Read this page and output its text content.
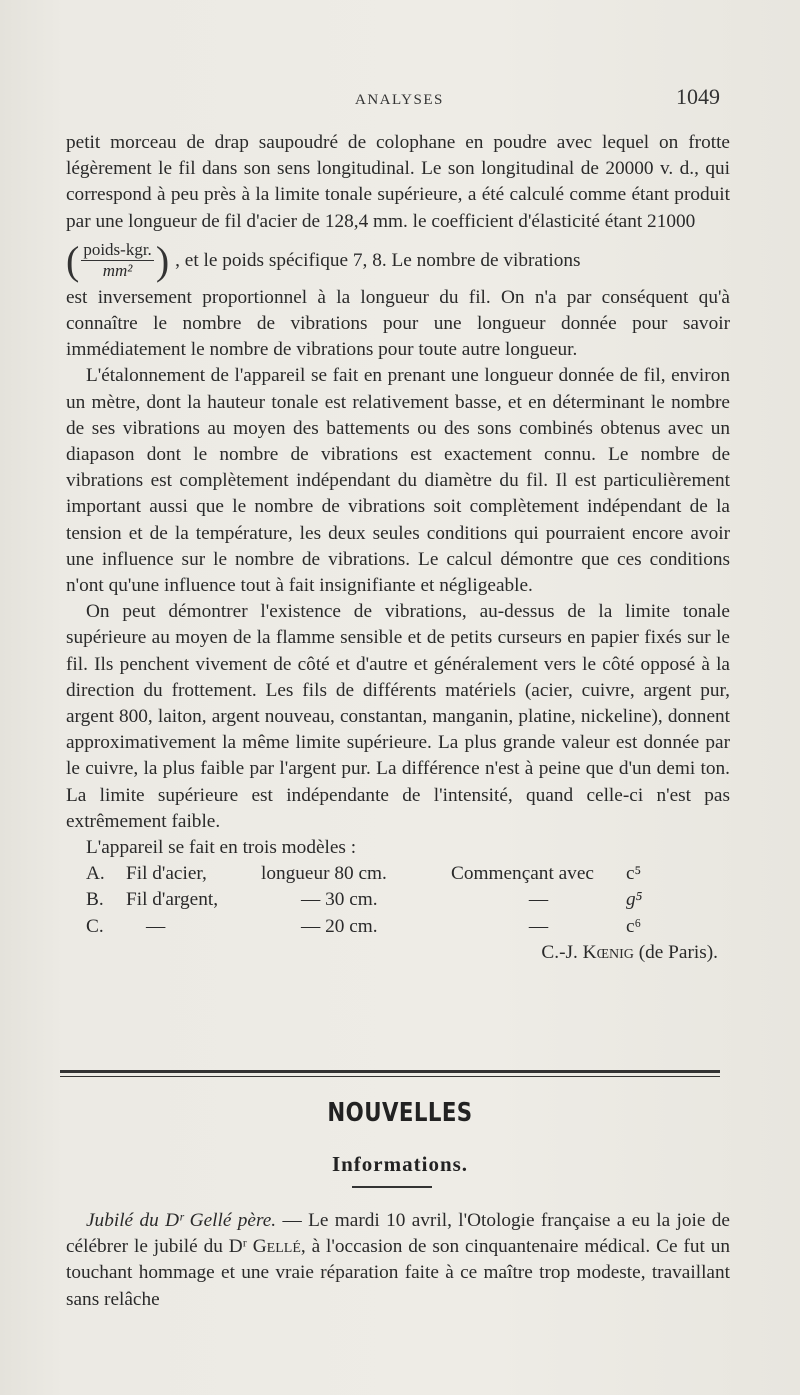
ANALYSES	1049

petit morceau de drap saupoudré de colophane en poudre avec lequel on frotte légèrement le fil dans son sens longitudinal. Le son longitudinal de 20000 v. d., qui correspond à peu près à la limite tonale supérieure, a été calculé comme étant produit par une longueur de fil d'acier de 128,4 mm. le coefficient d'élasticité étant 21000

( $\frac{\text{poids-kgr.}}{\text{mm²}}$ ) , et le poids spécifique 7, 8. Le nombre de vibrations

est inversement proportionnel à la longueur du fil. On n'a par conséquent qu'à connaître le nombre de vibrations pour une longueur donnée pour savoir immédiatement le nombre de vibrations pour toute autre longueur.

L'étalonnement de l'appareil se fait en prenant une longueur donnée de fil, environ un mètre, dont la hauteur tonale est relativement basse, et en déterminant le nombre de ses vibrations au moyen des battements ou des sons combinés obtenus avec un diapason dont le nombre de vibrations est exactement connu. Le nombre de vibrations est complètement indépendant du diamètre du fil. Il est particulièrement important aussi que le nombre de vibrations soit complètement indépendant de la tension et de la température, les deux seules conditions qui pourraient encore avoir une influence sur le nombre de vibrations. Le calcul démontre que ces conditions n'ont qu'une influence tout à fait insignifiante et négligeable.

On peut démontrer l'existence de vibrations, au-dessus de la limite tonale supérieure au moyen de la flamme sensible et de petits curseurs en papier fixés sur le fil. Ils penchent vivement de côté et d'autre et généralement vers le côté opposé à la direction du frottement. Les fils de différents matériels (acier, cuivre, argent pur, argent 800, laiton, argent nouveau, constantan, manganin, platine, nickeline), donnent approximativement la même limite supérieure. La plus grande valeur est donnée par le cuivre, la plus faible par l'argent pur. La différence n'est à peine que d'un demi ton. La limite supérieure est indépendante de l'intensité, quand celle-ci n'est pas extrêmement faible.

L'appareil se fait en trois modèles :

A.	Fil d'acier,	longueur 80 cm.	Commençant avec	c⁵
B.	Fil d'argent,	— 30 cm.	—	g⁵
C.	—	— 20 cm.	—	c⁶
C.-J. Kœnig (de Paris).
NOUVELLES
Informations.

Jubilé du Dʳ Gellé père. — Le mardi 10 avril, l'Otologie française a eu la joie de célébrer le jubilé du Dʳ Gellé, à l'occasion de son cinquantenaire médical. Ce fut un touchant hommage et une vraie réparation faite à ce maître trop modeste, travaillant sans relâche
